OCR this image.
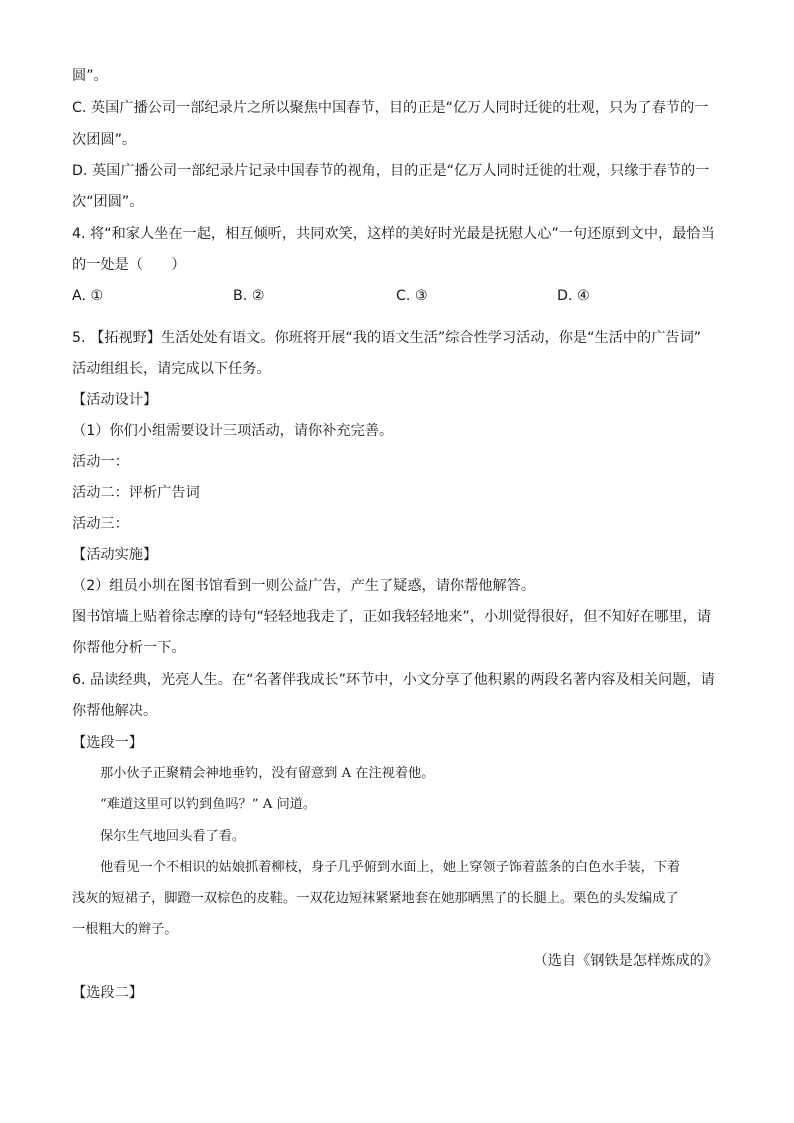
圆”。
C. 英国广播公司一部纪录片之所以聚焦中国春节，目的正是“亿万人同时迁徙的壮观，只为了春节的一
次团圆”。
D. 英国广播公司一部纪录片记录中国春节的视角，目的正是“亿万人同时迁徙的壮观，只缘于春节的一
次“团圆”。
4. 将“和家人坐在一起，相互倾听，共同欢笑，这样的美好时光最是抚慰人心”一句还原到文中，最恰当
的一处是（　　）
A. ①	B. ②	C. ③	D. ④
5. 【拓视野】生活处处有语文。你班将开展“我的语文生活”综合性学习活动，你是“生活中的广告词”
活动组组长，请完成以下任务。
【活动设计】
（1）你们小组需要设计三项活动，请你补充完善。
活动一：
活动二：评析广告词
活动三：
【活动实施】
（2）组员小圳在图书馆看到一则公益广告，产生了疑惑，请你帮他解答。
图书馆墙上贴着徐志摩的诗句“轻轻地我走了，正如我轻轻地来”，小圳觉得很好，但不知好在哪里，请
你帮他分析一下。
6. 品读经典，光亮人生。在“名著伴我成长”环节中，小文分享了他积累的两段名著内容及相关问题，请
你帮他解决。
【选段一】
那小伙子正聚精会神地垂钓，没有留意到 A 在注视着他。
“难道这里可以钓到鱼吗？” A 问道。
保尔生气地回头看了看。
他看见一个不相识的姑娘抓着柳枝，身子几乎俯到水面上，她上穿领子饰着蓝条的白色水手装，下着
浅灰的短裙子，脚蹬一双棕色的皮鞋。一双花边短袜紧紧地套在她那晒黑了的长腿上。栗色的头发编成了
一根粗大的辫子。
（选自《钢铁是怎样炼成的》
【选段二】
